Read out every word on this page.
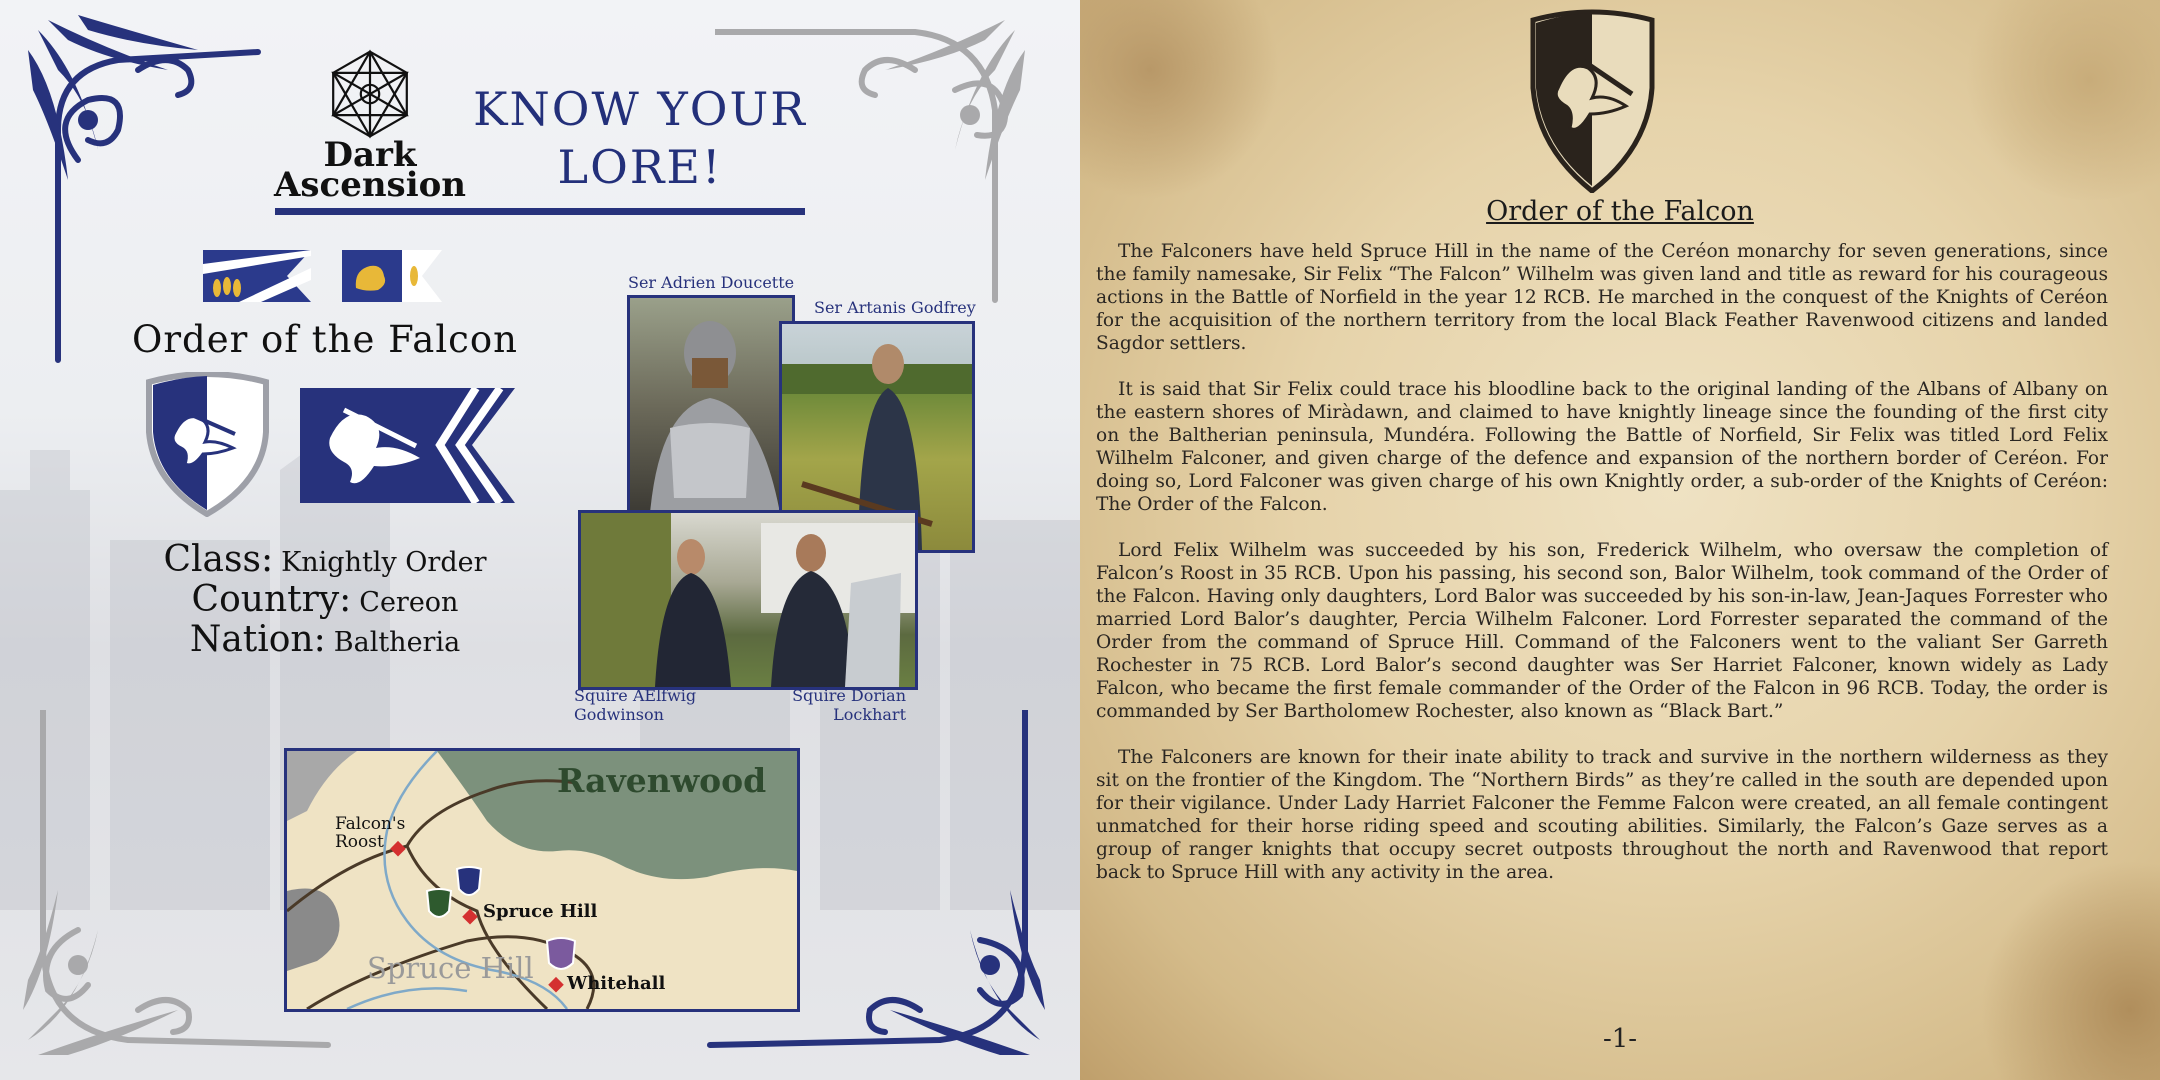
Dark
Ascension
KNOW YOUR
LORE!
Order of the Falcon
Class: Knightly Order
Country: Cereon
Nation: Baltheria
Ser Adrien Doucette
Ser Artanis Godfrey
Squire AElfwig
Godwinson
Squire Dorian
Lockhart
Ravenwood
Falcon's
Roost
Spruce Hill
Spruce Hill Whitehall
Order of the Falcon

The Falconers have held Spruce Hill in the name of the Ceréon monarchy for seven generations, since the family namesake, Sir Felix “The Falcon” Wilhelm was given land and title as reward for his courageous actions in the Battle of Norfield in the year 12 RCB. He marched in the conquest of the Knights of Ceréon for the acquisition of the northern territory from the local Black Feather Ravenwood citizens and landed Sagdor settlers.

It is said that Sir Felix could trace his bloodline back to the original landing of the Albans of Albany on the eastern shores of Miràdawn, and claimed to have knightly lineage since the founding of the first city on the Baltherian peninsula, Mundéra. Following the Battle of Norfield, Sir Felix was titled Lord Felix Wilhelm Falconer, and given charge of the defence and expansion of the northern border of Ceréon. For doing so, Lord Falconer was given charge of his own Knightly order, a sub-order of the Knights of Ceréon: The Order of the Falcon.

Lord Felix Wilhelm was succeeded by his son, Frederick Wilhelm, who oversaw the completion of Falcon’s Roost in 35 RCB. Upon his passing, his second son, Balor Wilhelm, took command of the Order of the Falcon. Having only daughters, Lord Balor was succeeded by his son-in-law, Jean-Jaques Forrester who married Lord Balor’s daughter, Percia Wilhelm Falconer. Lord Forrester separated the command of the Order from the command of Spruce Hill. Command of the Falconers went to the valiant Ser Garreth Rochester in 75 RCB. Lord Balor’s second daughter was Ser Harriet Falconer, known widely as Lady Falcon, who became the first female commander of the Order of the Falcon in 96 RCB. Today, the order is commanded by Ser Bartholomew Rochester, also known as “Black Bart.”

The Falconers are known for their inate ability to track and survive in the northern wilderness as they sit on the frontier of the Kingdom. The “Northern Birds” as they’re called in the south are depended upon for their vigilance. Under Lady Harriet Falconer the Femme Falcon were created, an all female contingent unmatched for their horse riding speed and scouting abilities. Similarly, the Falcon’s Gaze serves as a group of ranger knights that occupy secret outposts throughout the north and Ravenwood that report back to Spruce Hill with any activity in the area.

-1-
